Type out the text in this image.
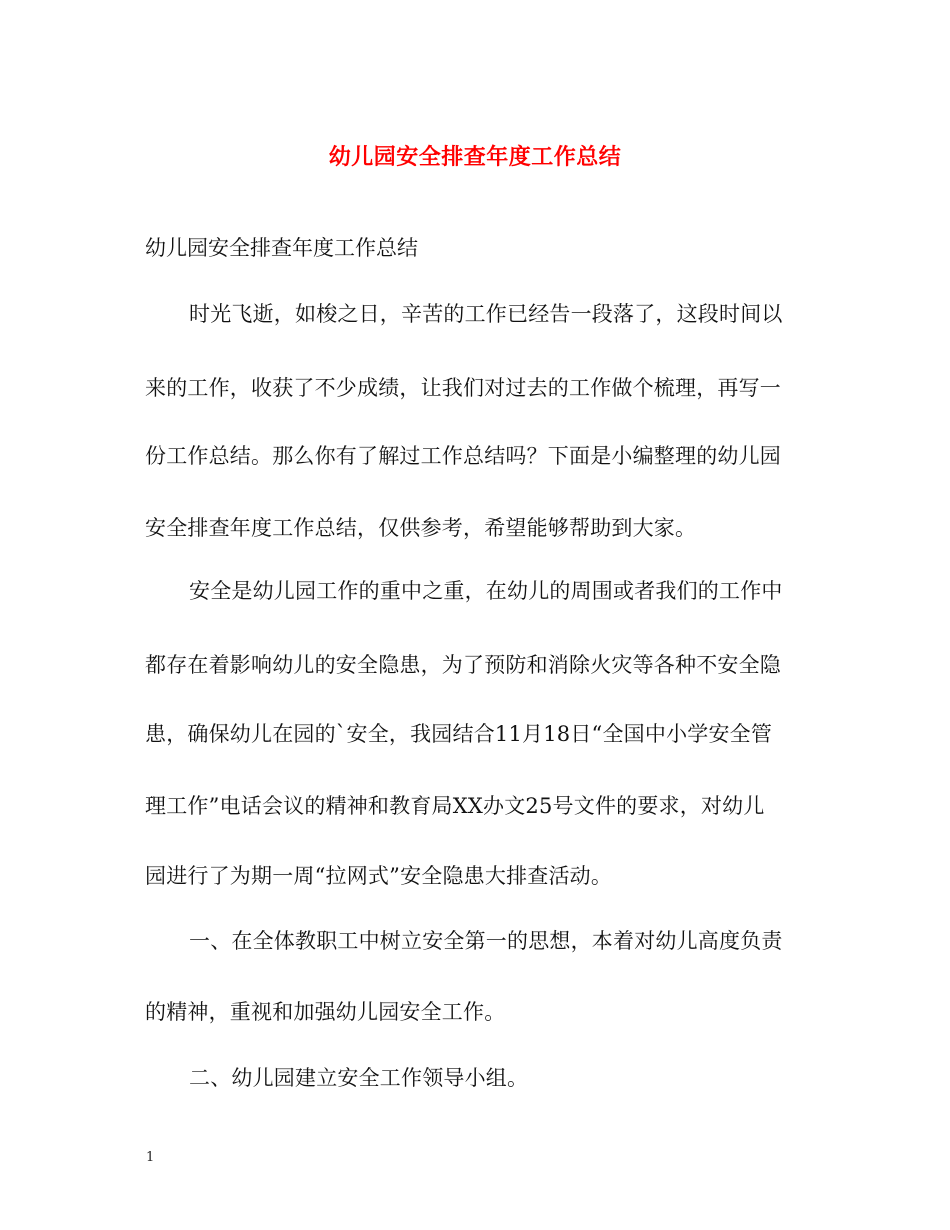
幼儿园安全排查年度工作总结
幼儿园安全排查年度工作总结
时光飞逝，如梭之日，辛苦的工作已经告一段落了，这段时间以
来的工作，收获了不少成绩，让我们对过去的工作做个梳理，再写一
份工作总结。那么你有了解过工作总结吗？下面是小编整理的幼儿园
安全排查年度工作总结，仅供参考，希望能够帮助到大家。
安全是幼儿园工作的重中之重，在幼儿的周围或者我们的工作中
都存在着影响幼儿的安全隐患，为了预防和消除火灾等各种不安全隐
患，确保幼儿在园的`安全，我园结合11月18日“全国中小学安全管
理工作”电话会议的精神和教育局XX办文25号文件的要求，对幼儿
园进行了为期一周“拉网式”安全隐患大排查活动。
一、在全体教职工中树立安全第一的思想，本着对幼儿高度负责
的精神，重视和加强幼儿园安全工作。
二、幼儿园建立安全工作领导小组。
1
